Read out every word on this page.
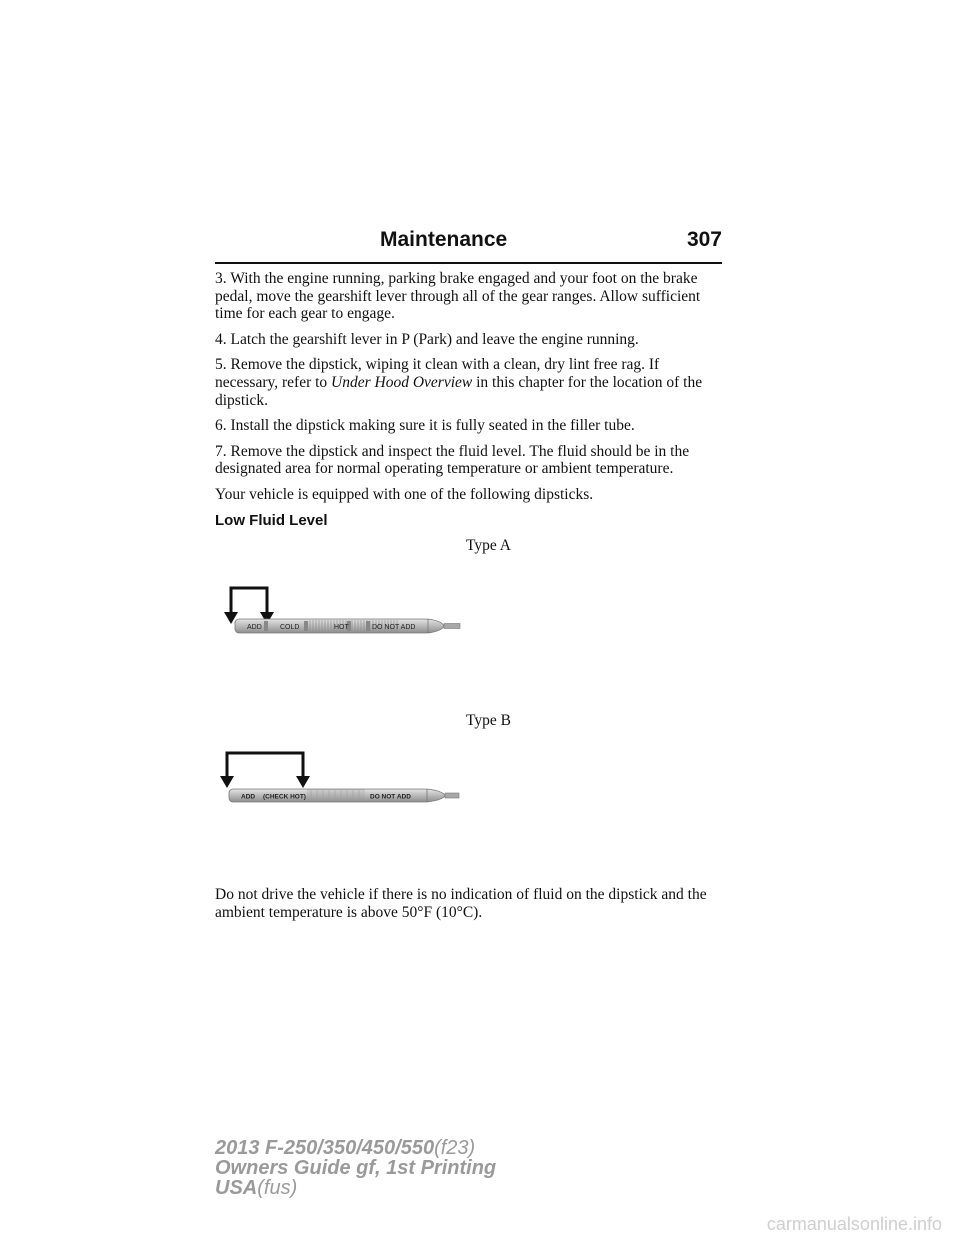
Maintenance	307

3. With the engine running, parking brake engaged and your foot on the brake pedal, move the gearshift lever through all of the gear ranges. Allow sufficient time for each gear to engage.

4. Latch the gearshift lever in P (Park) and leave the engine running.

5. Remove the dipstick, wiping it clean with a clean, dry lint free rag. If necessary, refer to Under Hood Overview in this chapter for the location of the dipstick.

6. Install the dipstick making sure it is fully seated in the filler tube.

7. Remove the dipstick and inspect the fluid level. The fluid should be in the designated area for normal operating temperature or ambient temperature.

Your vehicle is equipped with one of the following dipsticks.

Low Fluid Level

Type A
ADD	COLD	HOT	DO NOT ADD
Type B
ADD (CHECK HOT)	DO NOT ADD

Do not drive the vehicle if there is no indication of fluid on the dipstick and the ambient temperature is above 50°F (10°C).

2013 F-250/350/450/550(f23)
Owners Guide gf, 1st Printing
USA(fus)
carmanualsonline.info
